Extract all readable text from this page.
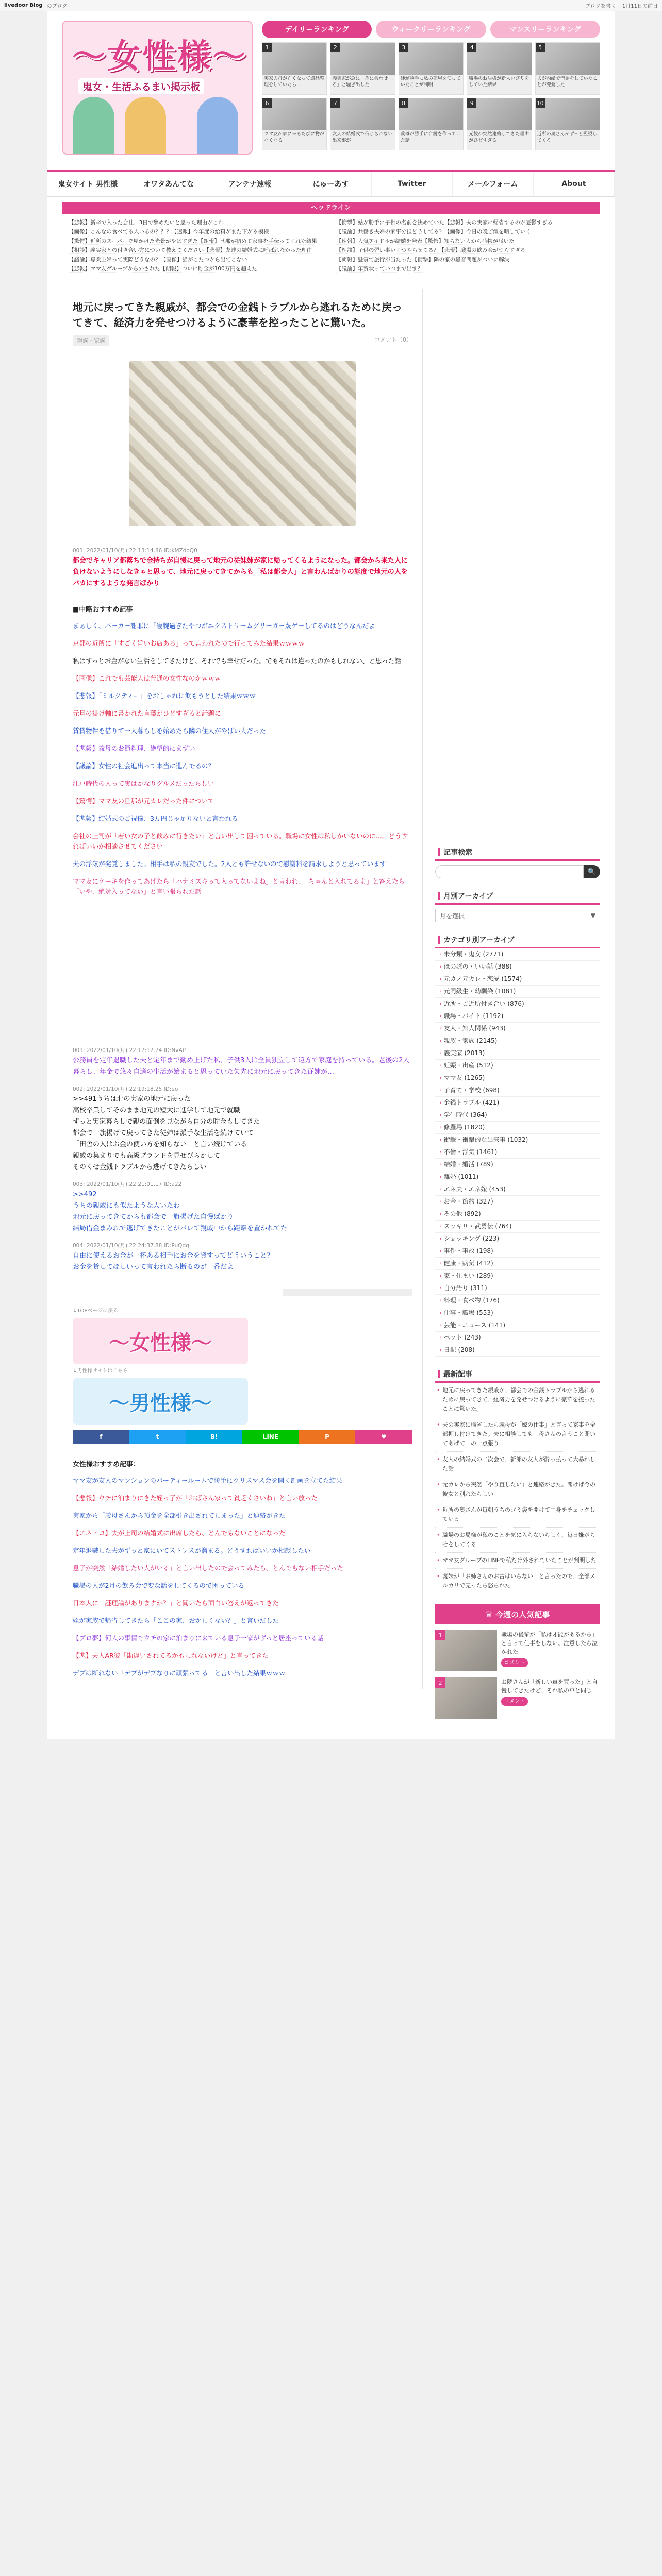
livedoor Blog のブログ	ブログを書く 1月11日の前日
〜女性様〜
鬼女・生活ふるまい掲示板
デイリーランキング	ウィークリーランキング	マンスリーランキング
1
実家の母が亡くなって遺品整理をしていたら…
2
義実家が急に「孫に会わせろ」と騒ぎ出した
3
姉が勝手に私の部屋を使っていたことが判明
4
職場のお局様が新人いびりをしていた結果
5
夫が内緒で借金をしていたことが発覚した
6
ママ友が家に来るたびに物がなくなる
7
友人の結婚式で信じられない出来事が
8
義母が勝手に合鍵を作っていた話
9
元彼が突然連絡してきた理由がひどすぎる
10
近所の奥さんがずっと監視してくる
鬼女サイト 男性様	オワタあんてな	アンテナ速報	にゅーあす	Twitter	メールフォーム	About
ヘッドライン
【悲報】新卒で入った会社、3日で辞めたいと思った理由がこれ【画像】こんなの食べてる人いるの？？？【速報】今年度の給料がまた下がる模様【驚愕】近所のスーパーで見かけた光景がやばすぎた【朗報】旦那が初めて家事を手伝ってくれた結果【相談】義実家との付き合い方について教えてください【悲報】友達の結婚式に呼ばれなかった理由【議論】専業主婦って実際どうなの？【画像】猫がこたつから出てこない【悲報】ママ友グループから外された【朗報】ついに貯金が100万円を超えた
【衝撃】姑が勝手に子供の名前を決めていた【悲報】夫の実家に帰省するのが憂鬱すぎる【議論】共働き夫婦の家事分担どうしてる？【画像】今日の晩ご飯を晒していく【速報】人気アイドルが結婚を発表【驚愕】知らない人から荷物が届いた【相談】子供の習い事いくつやらせてる？【悲報】職場の飲み会がつらすぎる【朗報】懸賞で旅行が当たった【衝撃】隣の家の騒音問題がついに解決【議論】年賀状っていつまで出す？
地元に戻ってきた親戚が、都会での金銭トラブルから逃れるために戻ってきて、経済力を発せつけるように豪華を控ったことに驚いた。
親族・家族	コメント（0）
001: 2022/01/10(月) 22:13:14.86 ID:kMZdoQ0
都会でキャリア都落ちで金持ちが自慢に戻って地元の従妹姉が家に帰ってくるようになった。都会から来た人に負けないようにしなきゃと思って、地元に戻ってきてからも「私は都会人」と言わんばかりの態度で地元の人をバカにするような発言ばかり
■中略おすすめ記事
まぁしく、バーカー謝罪に「凄腕過ぎたやつがエクストリームグリーガー蔑ゲーしてるのはどうなんだよ」
京都の近所に「すごく旨いお店ある」って言われたので行ってみた結果ｗｗｗｗ
私はずっとお金がない生活をしてきたけど、それでも幸せだった。でもそれは違ったのかもしれない、と思った話
【画像】これでも芸能人は普通の女性なのかｗｗｗ
【悲報】「ミルクティー」をおしゃれに飲もうとした結果ｗｗｗ
元旦の掛け軸に書かれた言葉がひどすぎると話題に
賃貸物件を借りて一人暮らしを始めたら隣の住人がやばい人だった
【悲報】義母のお節料理、絶望的にまずい
【議論】女性の社会進出って本当に進んでるの？
江戸時代の人って実はかなりグルメだったらしい
【驚愕】ママ友の旦那が元カレだった件について
【悲報】結婚式のご祝儀、3万円じゃ足りないと言われる
会社の上司が「若い女の子と飲みに行きたい」と言い出して困っている。職場に女性は私しかいないのに…。どうすればいいか相談させてください
夫の浮気が発覚しました。相手は私の親友でした。2人とも許せないので慰謝料を請求しようと思っています
ママ友にケーキを作ってあげたら「ハナミズキって入ってないよね」と言われ、「ちゃんと入れてるよ」と答えたら「いや、絶対入ってない」と言い張られた話
001: 2022/01/10(月) 22:17:17.74 ID:NvAP
公務員を定年退職した夫と定年まで勤め上げた私、子供3人は全員独立して遠方で家庭を持っている。老後の2人暮らし、年金で悠々自適の生活が始まると思っていた矢先に地元に戻ってきた従姉が…
002: 2022/01/10(月) 22:19:18.25 ID:eo
>>491うちは北の実家の地元に戻った
高校卒業してそのまま地元の短大に進学して地元で就職
ずっと実家暮らしで親の面倒を見ながら自分の貯金もしてきた
都会で一旗揚げて戻ってきた従姉は派手な生活を続けていて
「田舎の人はお金の使い方を知らない」と言い続けている
親戚の集まりでも高級ブランドを見せびらかして
そのくせ金銭トラブルから逃げてきたらしい
003: 2022/01/10(月) 22:21:01.17 ID:a22
>>492
うちの親戚にも似たような人いたわ
地元に戻ってきてからも都会で一旗揚げた自慢ばかり
結局借金まみれで逃げてきたことがバレて親戚中から距離を置かれてた
004: 2022/01/10(月) 22:24:37.88 ID:PuQdg
自由に使えるお金が一杯ある相手にお金を貸すってどういうこと？
お金を貸してほしいって言われたら断るのが一番だよ
↓TOPページに戻る
〜女性様〜
↓男性様サイトはこちら
〜男性様〜
f	t	B!	LINE	P	♥
女性様おすすめ記事：
ママ友が友人のマンションのパーティールームで勝手にクリスマス会を開く計画を立てた結果
【悲報】ウチに泊まりにきた姪っ子が「おばさん家って貧乏くさいね」と言い放った
実家から「義母さんから預金を全部引き出されてしまった」と連絡がきた
【エネ・コ】夫が上司の結婚式に出席したら、とんでもないことになった
定年退職した夫がずっと家にいてストレスが溜まる。どうすればいいか相談したい
息子が突然「結婚したい人がいる」と言い出したので会ってみたら、とんでもない相手だった
職場の人が2月の飲み会で変な話をしてくるので困っている
日本人に「謎理論がありますか？」と聞いたら面白い答えが返ってきた
姪が家族で帰省してきたら「ここの家、おかしくない？」と言いだした
【プロ夢】何人の事情でウチの家に泊まりに来ている息子一家がずっと居座っている話
【悲】夫人AR彼「勘違いされてるかもしれないけど」と言ってきた
デブは断れない「デブがデブなりに頑張ってる」と言い出した結果ｗｗｗ
記事検索
🔍
月別アーカイブ
月を選択	▼
カテゴリ別アーカイブ
› 未分類・鬼女 (2771)
› ほのぼの・いい話 (388)
› 元カノ元カレ・恋愛 (1574)
› 元同級生・幼馴染 (1081)
› 近所・ご近所付き合い (876)
› 職場・バイト (1192)
› 友人・知人関係 (943)
› 親族・家族 (2145)
› 義実家 (2013)
› 妊娠・出産 (512)
› ママ友 (1265)
› 子育て・学校 (698)
› 金銭トラブル (421)
› 学生時代 (364)
› 修羅場 (1820)
› 衝撃・衝撃的な出来事 (1032)
› 不倫・浮気 (1461)
› 結婚・婚活 (789)
› 離婚 (1011)
› エネ夫・エネ嫁 (453)
› お金・節約 (327)
› その他 (892)
› スッキリ・武勇伝 (764)
› ショッキング (223)
› 事件・事故 (198)
› 健康・病気 (412)
› 家・住まい (289)
› 自分語り (311)
› 料理・食べ物 (176)
› 仕事・職場 (553)
› 芸能・ニュース (141)
› ペット (243)
› 日記 (208)
最新記事
• 地元に戻ってきた親戚が、都会での金銭トラブルから逃れるために戻ってきて、経済力を発せつけるように豪華を控ったことに驚いた。
• 夫の実家に帰省したら義母が「嫁の仕事」と言って家事を全部押し付けてきた。夫に相談しても「母さんの言うこと聞いてあげて」の一点張り
• 友人の結婚式の二次会で、新郎の友人が酔っ払って大暴れした話
• 元カレから突然「やり直したい」と連絡がきた。聞けば今の彼女と別れたらしい
• 近所の奥さんが毎朝うちのゴミ袋を開けて中身をチェックしている
• 職場のお局様が私のことを気に入らないらしく、毎日嫌がらせをしてくる
• ママ友グループのLINEで私だけ外されていたことが判明した
• 義妹が「お姉さんのお古はいらない」と言ったので、全部メルカリで売ったら怒られた
♛ 今週の人気記事
1	職場の後輩が「私は才能があるから」と言って仕事をしない。注意したら泣かれた
コメント
2	お隣さんが「新しい車を買った」と自慢してきたけど、それ私の車と同じ
コメント
